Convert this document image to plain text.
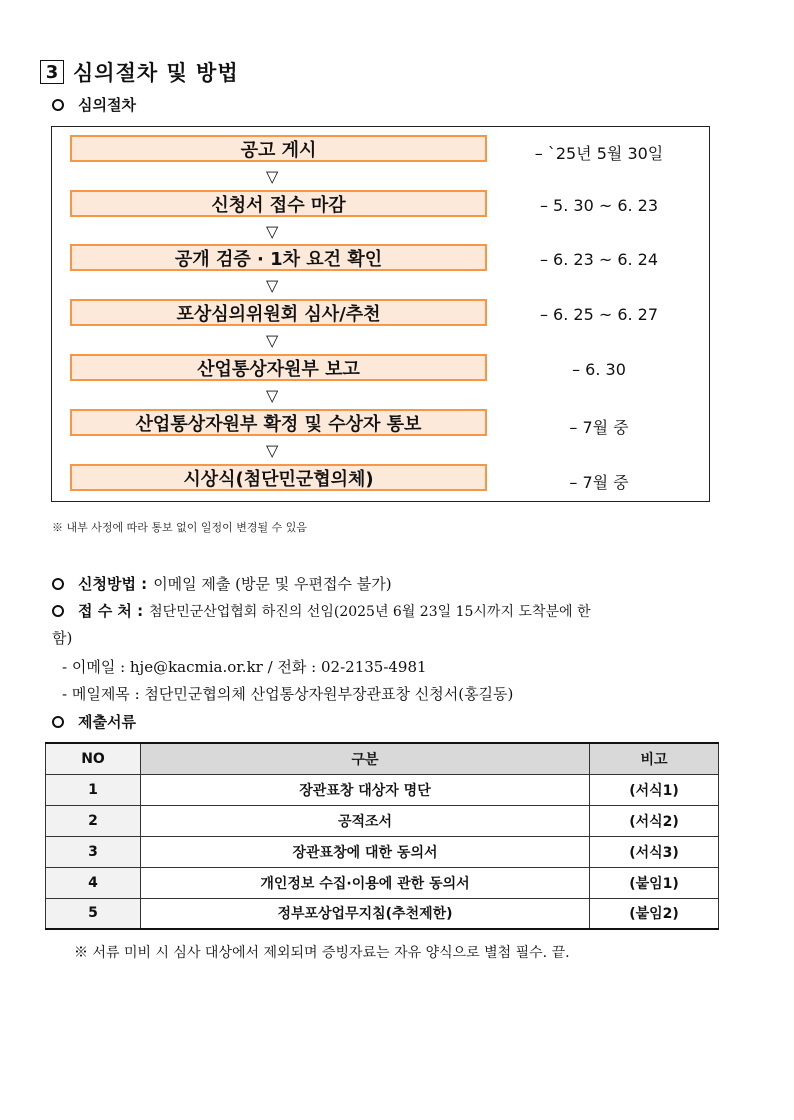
3 심의절차 및 방법
심의절차
공고 게시	– `25년 5월 30일
▽
신청서 접수 마감	– 5. 30 ~ 6. 23
▽
공개 검증 · 1차 요건 확인	– 6. 23 ~ 6. 24
▽
포상심의위원회 심사/추천	– 6. 25 ~ 6. 27
▽
산업통상자원부 보고	– 6. 30
▽
산업통상자원부 확정 및 수상자 통보	– 7월 중
▽
시상식(첨단민군협의체)	– 7월 중
※ 내부 사정에 따라 통보 없이 일정이 변경될 수 있음
신청방법 : 이메일 제출 (방문 및 우편접수 불가)
접 수 처 : 첨단민군산업협회 하진의 선임(2025년 6월 23일 15시까지 도착분에 한
함)
- 이메일 : hje@kacmia.or.kr / 전화 : 02-2135-4981
- 메일제목 : 첨단민군협의체 산업통상자원부장관표창 신청서(홍길동)
제출서류
NO	구분	비고
1	장관표창 대상자 명단	(서식1)
2	공적조서	(서식2)
3	장관표창에 대한 동의서	(서식3)
4	개인정보 수집·이용에 관한 동의서	(붙임1)
5	정부포상업무지침(추천제한)	(붙임2)
※ 서류 미비 시 심사 대상에서 제외되며 증빙자료는 자유 양식으로 별첨 필수. 끝.
